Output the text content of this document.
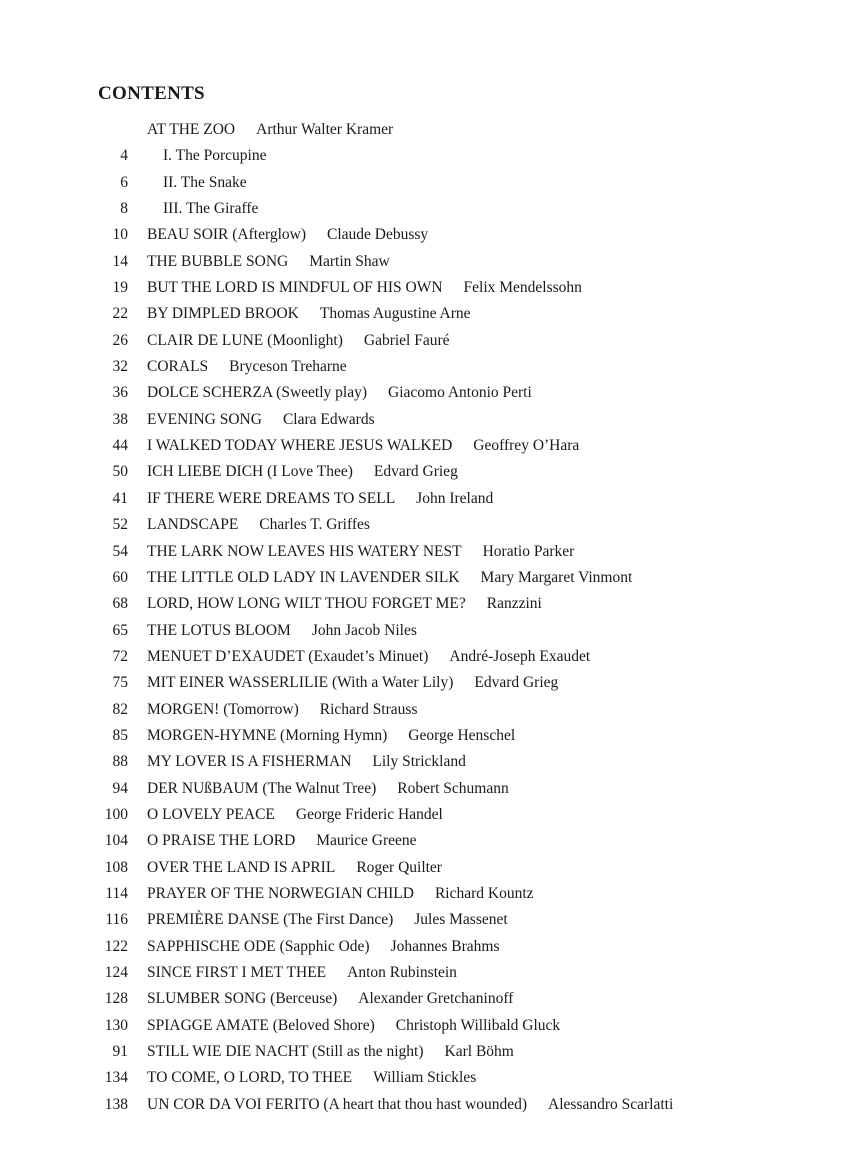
CONTENTS
AT THE ZOO Arthur Walter Kramer
4 I. The Porcupine
6 II. The Snake
8 III. The Giraffe
10 BEAU SOIR (Afterglow) Claude Debussy
14 THE BUBBLE SONG Martin Shaw
19 BUT THE LORD IS MINDFUL OF HIS OWN Felix Mendelssohn
22 BY DIMPLED BROOK Thomas Augustine Arne
26 CLAIR DE LUNE (Moonlight) Gabriel Fauré
32 CORALS Bryceson Treharne
36 DOLCE SCHERZA (Sweetly play) Giacomo Antonio Perti
38 EVENING SONG Clara Edwards
44 I WALKED TODAY WHERE JESUS WALKED Geoffrey O’Hara
50 ICH LIEBE DICH (I Love Thee) Edvard Grieg
41 IF THERE WERE DREAMS TO SELL John Ireland
52 LANDSCAPE Charles T. Griffes
54 THE LARK NOW LEAVES HIS WATERY NEST Horatio Parker
60 THE LITTLE OLD LADY IN LAVENDER SILK Mary Margaret Vinmont
68 LORD, HOW LONG WILT THOU FORGET ME? Ranzzini
65 THE LOTUS BLOOM John Jacob Niles
72 MENUET D’EXAUDET (Exaudet’s Minuet) André-Joseph Exaudet
75 MIT EINER WASSERLILIE (With a Water Lily) Edvard Grieg
82 MORGEN! (Tomorrow) Richard Strauss
85 MORGEN-HYMNE (Morning Hymn) George Henschel
88 MY LOVER IS A FISHERMAN Lily Strickland
94 DER NUßBAUM (The Walnut Tree) Robert Schumann
100 O LOVELY PEACE George Frideric Handel
104 O PRAISE THE LORD Maurice Greene
108 OVER THE LAND IS APRIL Roger Quilter
114 PRAYER OF THE NORWEGIAN CHILD Richard Kountz
116 PREMIÈRE DANSE (The First Dance) Jules Massenet
122 SAPPHISCHE ODE (Sapphic Ode) Johannes Brahms
124 SINCE FIRST I MET THEE Anton Rubinstein
128 SLUMBER SONG (Berceuse) Alexander Gretchaninoff
130 SPIAGGE AMATE (Beloved Shore) Christoph Willibald Gluck
91 STILL WIE DIE NACHT (Still as the night) Karl Böhm
134 TO COME, O LORD, TO THEE William Stickles
138 UN COR DA VOI FERITO (A heart that thou hast wounded) Alessandro Scarlatti
